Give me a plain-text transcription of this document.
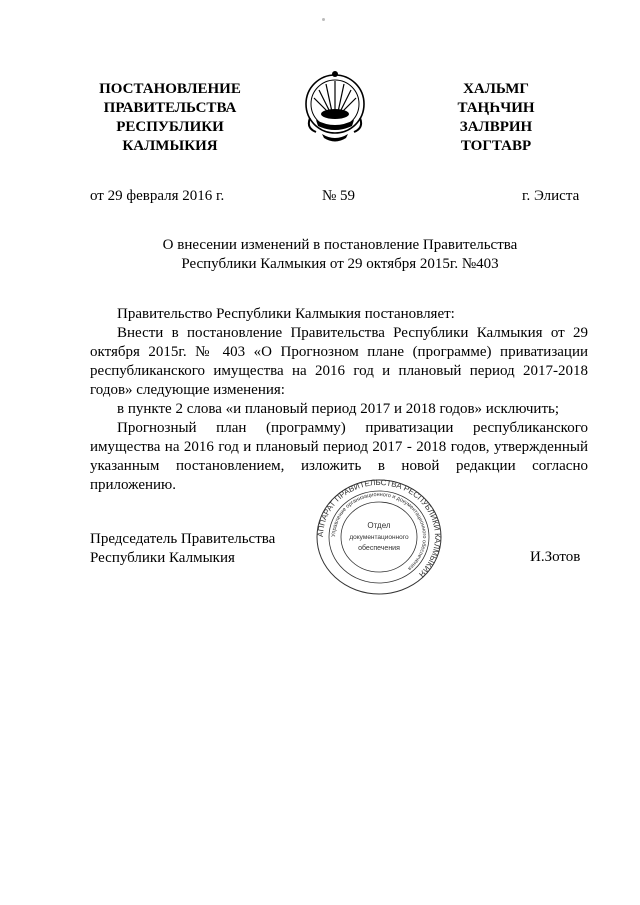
ПОСТАНОВЛЕНИЕ
ПРАВИТЕЛЬСТВА
РЕСПУБЛИКИ
КАЛМЫКИЯ
ХАЛЬМГ
ТАҢҺЧИН
ЗАЛВРИН
ТОГТАВР
от 29 февраля 2016 г.	№ 59	г. Элиста
О внесении изменений в постановление Правительства
Республики Калмыкия от 29 октября 2015г. №403

Правительство Республики Калмыкия постановляет:

Внести в постановление Правительства Республики Калмыкия от 29 октября 2015г. № 403 «О Прогнозном плане (программе) приватизации республиканского имущества на 2016 год и плановый период 2017-2018 годов» следующие изменения:

в пункте 2 слова «и плановый период 2017 и 2018 годов» исключить;

Прогнозный план (программу) приватизации республиканского имущества на 2016 год и плановый период 2017 - 2018 годов, утвержденный указанным постановлением, изложить в новой редакции согласно приложению.

АППАРАТ ПРАВИТЕЛЬСТВА РЕСПУБЛИКИ КАЛМЫКИЯ
Управление организационного и документационного обеспечения
Отдел
документационного
обеспечения
Председатель Правительства
Республики Калмыкия	И.Зотов
